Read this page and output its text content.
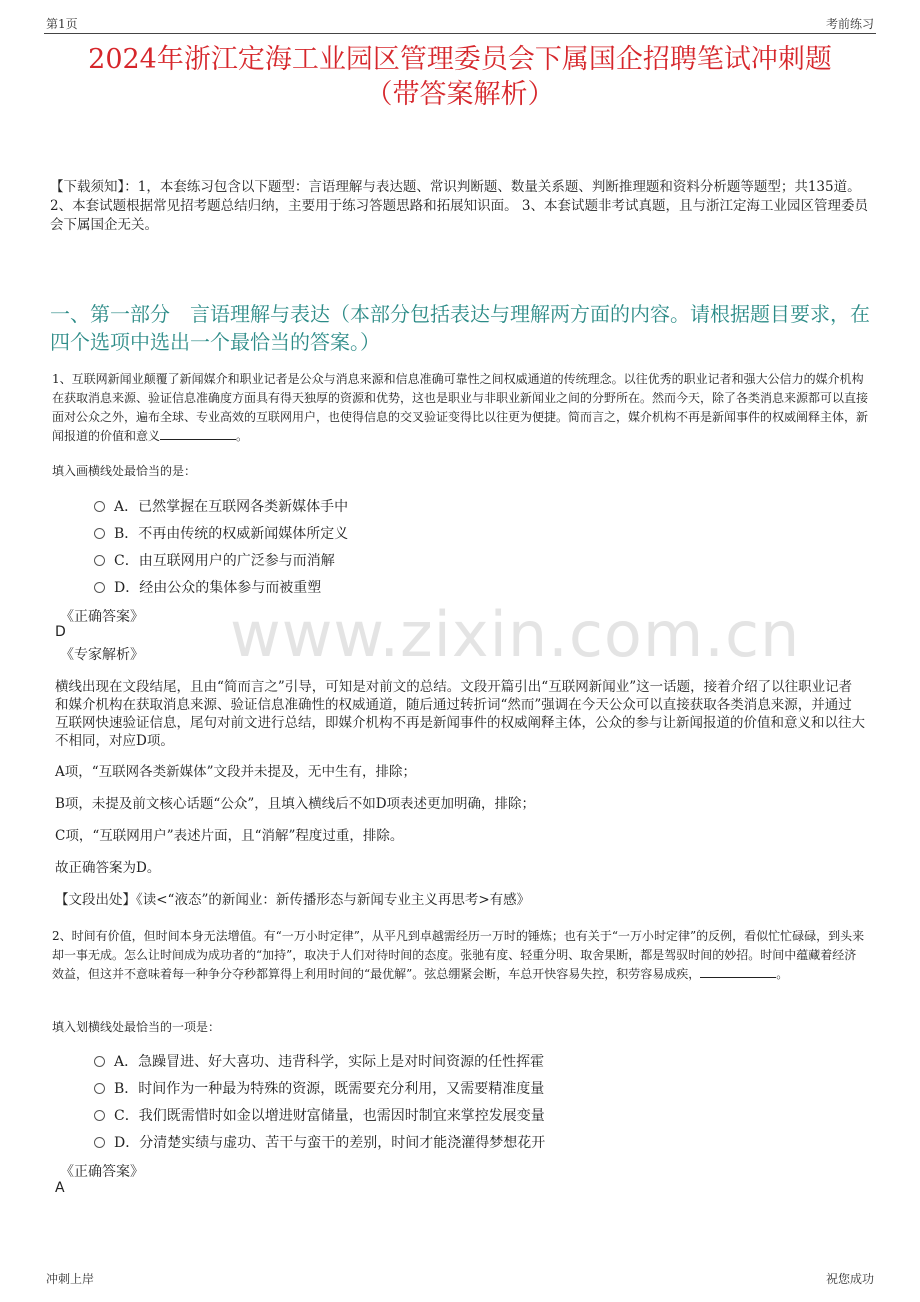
第1页	考前练习
www.zixin.com.cn
2024年浙江定海工业园区管理委员会下属国企招聘笔试冲刺题
（带答案解析）
【下载须知】：1，本套练习包含以下题型：言语理解与表达题、常识判断题、数量关系题、判断推理题和资料分析题等题型；共135道。 2、本套试题根据常见招考题总结归纳，主要用于练习答题思路和拓展知识面。 3、本套试题非考试真题，且与浙江定海工业园区管理委员会下属国企无关。
一、第一部分　言语理解与表达（本部分包括表达与理解两方面的内容。请根据题目要求，在四个选项中选出一个最恰当的答案。）
1、互联网新闻业颠覆了新闻媒介和职业记者是公众与消息来源和信息准确可靠性之间权威通道的传统理念。以往优秀的职业记者和强大公信力的媒介机构在获取消息来源、验证信息准确度方面具有得天独厚的资源和优势，这也是职业与非职业新闻业之间的分野所在。然而今天，除了各类消息来源都可以直接面对公众之外，遍布全球、专业高效的互联网用户，也使得信息的交叉验证变得比以往更为便捷。简而言之，媒介机构不再是新闻事件的权威阐释主体，新闻报道的价值和意义	。
填入画横线处最恰当的是：
A．已然掌握在互联网各类新媒体手中
B．不再由传统的权威新闻媒体所定义
C．由互联网用户的广泛参与而消解
D．经由公众的集体参与而被重塑
《正确答案》
D
《专家解析》
横线出现在文段结尾，且由“简而言之”引导，可知是对前文的总结。文段开篇引出“互联网新闻业”这一话题，接着介绍了以往职业记者和媒介机构在获取消息来源、验证信息准确性的权威通道，随后通过转折词“然而”强调在今天公众可以直接获取各类消息来源，并通过互联网快速验证信息，尾句对前文进行总结，即媒介机构不再是新闻事件的权威阐释主体，公众的参与让新闻报道的价值和意义和以往大不相同，对应D项。
A项，“互联网各类新媒体”文段并未提及，无中生有，排除；
B项，未提及前文核心话题“公众”，且填入横线后不如D项表述更加明确，排除；
C项，“互联网用户”表述片面，且“消解”程度过重，排除。
故正确答案为D。
【文段出处】《读<“液态”的新闻业：新传播形态与新闻专业主义再思考>有感》
2、时间有价值，但时间本身无法增值。有“一万小时定律”，从平凡到卓越需经历一万时的锤炼；也有关于“一万小时定律”的反例，看似忙忙碌碌，到头来却一事无成。怎么让时间成为成功者的“加持”，取决于人们对待时间的态度。张驰有度、轻重分明、取舍果断，都是驾驭时间的妙招。时间中蕴藏着经济效益，但这并不意味着每一种争分夺秒都算得上利用时间的“最优解”。弦总绷紧会断，车总开快容易失控，积劳容易成疾，	。
填入划横线处最恰当的一项是：
A．急躁冒进、好大喜功、违背科学，实际上是对时间资源的任性挥霍
B．时间作为一种最为特殊的资源，既需要充分利用，又需要精准度量
C．我们既需惜时如金以增进财富储量，也需因时制宜来掌控发展变量
D．分清楚实绩与虚功、苦干与蛮干的差别，时间才能浇灌得梦想花开
《正确答案》
A
冲刺上岸	祝您成功
